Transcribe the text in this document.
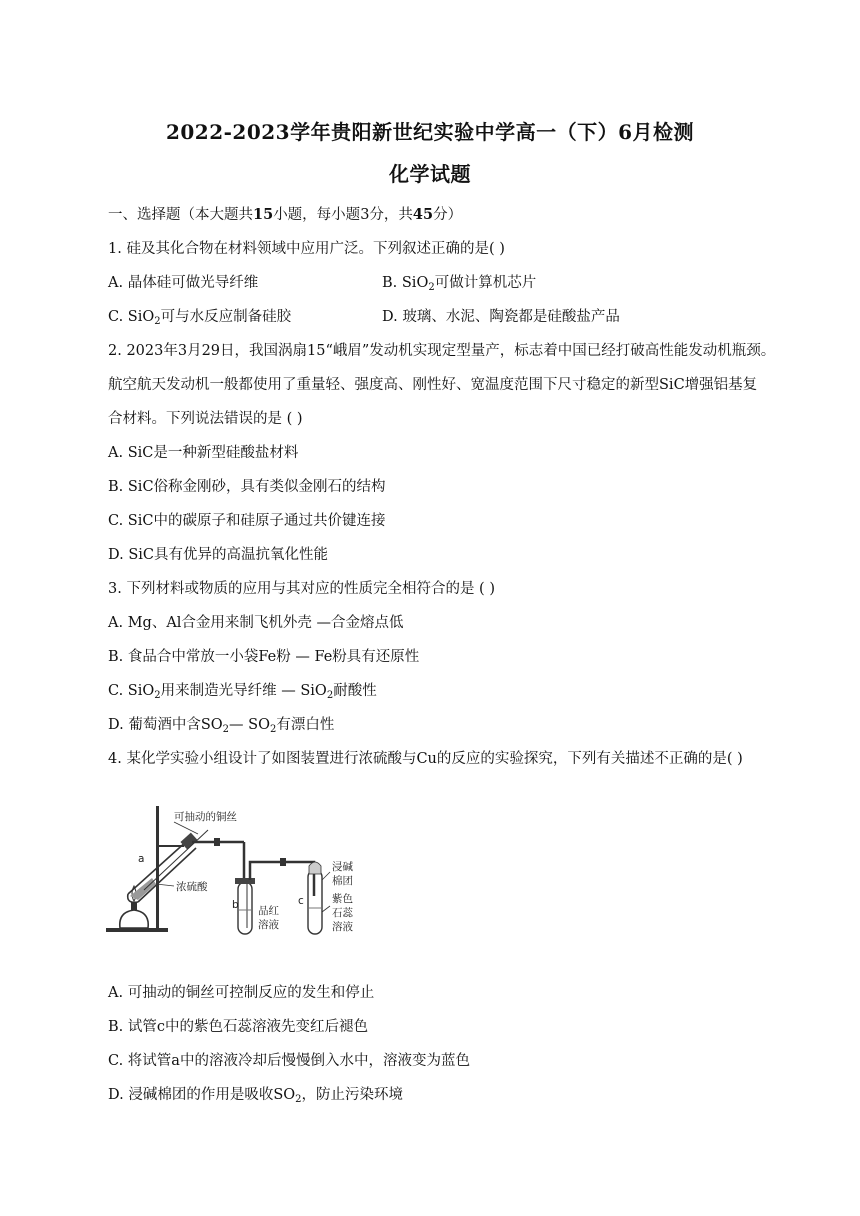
2022-2023学年贵阳新世纪实验中学高一（下）6月检测
化学试题
一、选择题（本大题共15小题，每小题3分，共45分）
1. 硅及其化合物在材料领域中应用广泛。下列叙述正确的是( )
A. 晶体硅可做光导纤维	B. SiO$_2$可做计算机芯片
C. SiO$_2$可与水反应制备硅胶	D. 玻璃、水泥、陶瓷都是硅酸盐产品
2. 2023年3月29日，我国涡扇15“峨眉”发动机实现定型量产，标志着中国已经打破高性能发动机瓶颈。
航空航天发动机一般都使用了重量轻、强度高、刚性好、宽温度范围下尺寸稳定的新型SiC增强铝基复
合材料。下列说法错误的是 ( )
A. SiC是一种新型硅酸盐材料
B. SiC俗称金刚砂，具有类似金刚石的结构
C. SiC中的碳原子和硅原子通过共价键连接
D. SiC具有优异的高温抗氧化性能
3. 下列材料或物质的应用与其对应的性质完全相符合的是 ( )
A. Mg、Al合金用来制飞机外壳 —合金熔点低
B. 食品合中常放一小袋Fe粉 — Fe粉具有还原性
C. SiO$_2$用来制造光导纤维 — SiO$_2$耐酸性
D. 葡萄酒中含$SO_2—$ $SO_2$有漂白性
4. 某化学实验小组设计了如图装置进行浓硫酸与Cu的反应的实验探究，下列有关描述不正确的是( )
可抽动的铜丝
a
浓硫酸
b 品红
溶液
c
浸碱
棉团
紫色
石蕊
溶液
A. 可抽动的铜丝可控制反应的发生和停止
B. 试管c中的紫色石蕊溶液先变红后褪色
C. 将试管a中的溶液冷却后慢慢倒入水中，溶液变为蓝色
D. 浸碱棉团的作用是吸收$SO_2$，防止污染环境
